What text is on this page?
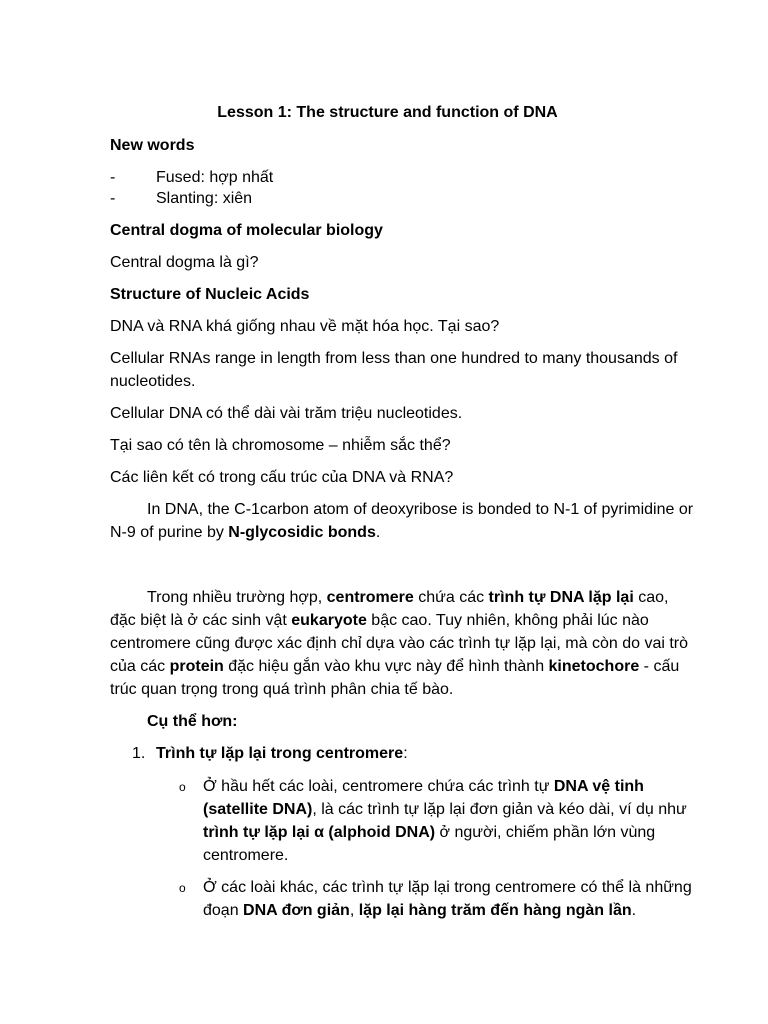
Lesson 1: The structure and function of DNA

New words

-	Fused: hợp nhất
-	Slanting: xiên

Central dogma of molecular biology

Central dogma là gì?

Structure of Nucleic Acids

DNA và RNA khá giống nhau về mặt hóa học. Tại sao?

Cellular RNAs range in length from less than one hundred to many thousands of nucleotides.

Cellular DNA có thể dài vài trăm triệu nucleotides.

Tại sao có tên là chromosome – nhiễm sắc thể?

Các liên kết có trong cấu trúc của DNA và RNA?

In DNA, the C-1carbon atom of deoxyribose is bonded to N-1 of pyrimidine or N-9 of purine by N-glycosidic bonds.

Trong nhiều trường hợp, centromere chứa các trình tự DNA lặp lại cao, đặc biệt là ở các sinh vật eukaryote bậc cao. Tuy nhiên, không phải lúc nào centromere cũng được xác định chỉ dựa vào các trình tự lặp lại, mà còn do vai trò của các protein đặc hiệu gắn vào khu vực này để hình thành kinetochore - cấu trúc quan trọng trong quá trình phân chia tế bào.

Cụ thể hơn:

1. Trình tự lặp lại trong centromere:
o Ở hầu hết các loài, centromere chứa các trình tự DNA vệ tinh (satellite DNA), là các trình tự lặp lại đơn giản và kéo dài, ví dụ như trình tự lặp lại α (alphoid DNA) ở người, chiếm phần lớn vùng centromere.
o Ở các loài khác, các trình tự lặp lại trong centromere có thể là những đoạn DNA đơn giản, lặp lại hàng trăm đến hàng ngàn lần.
